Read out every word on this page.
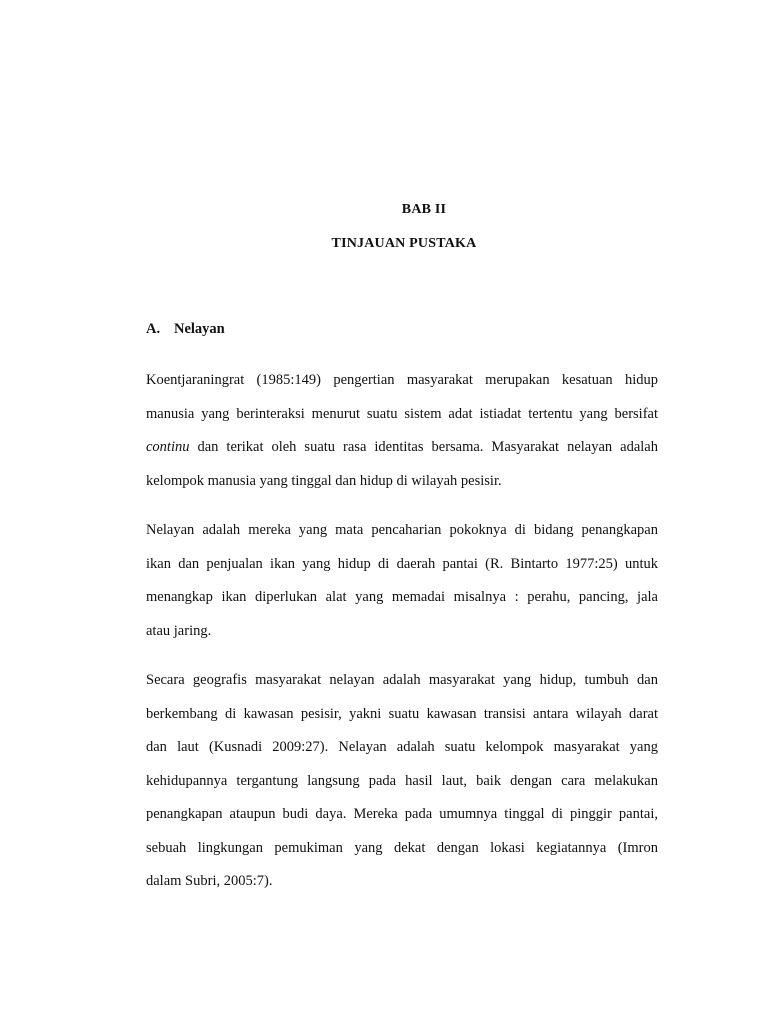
BAB II
TINJAUAN PUSTAKA
A. Nelayan

Koentjaraningrat (1985:149) pengertian masyarakat merupakan kesatuan hidup
manusia yang berinteraksi menurut suatu sistem adat istiadat tertentu yang bersifat
continu dan terikat oleh suatu rasa identitas bersama. Masyarakat nelayan adalah
kelompok manusia yang tinggal dan hidup di wilayah pesisir.

Nelayan adalah mereka yang mata pencaharian pokoknya di bidang penangkapan
ikan dan penjualan ikan yang hidup di daerah pantai (R. Bintarto 1977:25) untuk
menangkap ikan diperlukan alat yang memadai misalnya : perahu, pancing, jala
atau jaring.

Secara geografis masyarakat nelayan adalah masyarakat yang hidup, tumbuh dan
berkembang di kawasan pesisir, yakni suatu kawasan transisi antara wilayah darat
dan laut (Kusnadi 2009:27). Nelayan adalah suatu kelompok masyarakat yang
kehidupannya tergantung langsung pada hasil laut, baik dengan cara melakukan
penangkapan ataupun budi daya. Mereka pada umumnya tinggal di pinggir pantai,
sebuah lingkungan pemukiman yang dekat dengan lokasi kegiatannya (Imron
dalam Subri, 2005:7).
